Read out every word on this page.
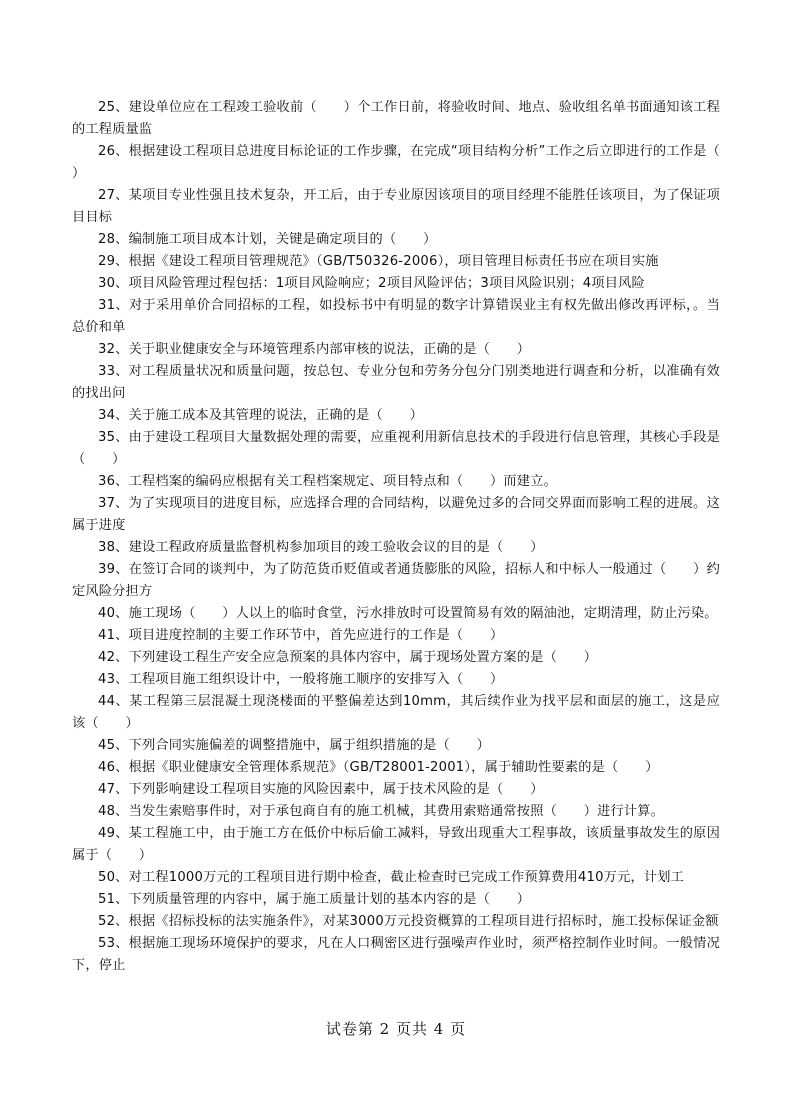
25、建设单位应在工程竣工验收前（　　）个工作日前，将验收时间、地点、验收组名单书面通知该工程的工程质量监
26、根据建设工程项目总进度目标论证的工作步骤，在完成“项目结构分析”工作之后立即进行的工作是（　　）
27、某项目专业性强且技术复杂，开工后，由于专业原因该项目的项目经理不能胜任该项目，为了保证项目目标
28、编制施工项目成本计划，关键是确定项目的（　　）
29、根据《建设工程项目管理规范》（GB/T50326-2006），项目管理目标责任书应在项目实施
30、项目风险管理过程包括：1项目风险响应；2项目风险评估；3项目风险识别；4项目风险
31、对于采用单价合同招标的工程，如投标书中有明显的数字计算错误业主有权先做出修改再评标，。当总价和单
32、关于职业健康安全与环境管理系内部审核的说法，正确的是（　　）
33、对工程质量状况和质量问题，按总包、专业分包和劳务分包分门别类地进行调查和分析，以准确有效的找出问
34、关于施工成本及其管理的说法，正确的是（　　）
35、由于建设工程项目大量数据处理的需要，应重视利用新信息技术的手段进行信息管理，其核心手段是（　　）
36、工程档案的编码应根据有关工程档案规定、项目特点和（　　）而建立。
37、为了实现项目的进度目标，应选择合理的合同结构，以避免过多的合同交界面而影响工程的进展。这属于进度
38、建设工程政府质量监督机构参加项目的竣工验收会议的目的是（　　）
39、在签订合同的谈判中，为了防范货币贬值或者通货膨胀的风险，招标人和中标人一般通过（　　）约定风险分担方
40、施工现场（　　）人以上的临时食堂，污水排放时可设置简易有效的隔油池，定期清理，防止污染。
41、项目进度控制的主要工作环节中，首先应进行的工作是（　　）
42、下列建设工程生产安全应急预案的具体内容中，属于现场处置方案的是（　　）
43、工程项目施工组织设计中，一般将施工顺序的安排写入（　　）
44、某工程第三层混凝土现浇楼面的平整偏差达到10mm，其后续作业为找平层和面层的施工，这是应该（　　）
45、下列合同实施偏差的调整措施中，属于组织措施的是（　　）
46、根据《职业健康安全管理体系规范》（GB/T28001-2001），属于辅助性要素的是（　　）
47、下列影响建设工程项目实施的风险因素中，属于技术风险的是（　　）
48、当发生索赔事件时，对于承包商自有的施工机械，其费用索赔通常按照（　　）进行计算。
49、某工程施工中，由于施工方在低价中标后偷工减料，导致出现重大工程事故，该质量事故发生的原因属于（　　）
50、对工程1000万元的工程项目进行期中检查，截止检查时已完成工作预算费用410万元，计划工
51、下列质量管理的内容中，属于施工质量计划的基本内容的是（　　）
52、根据《招标投标的法实施条件》，对某3000万元投资概算的工程项目进行招标时，施工投标保证金额
53、根据施工现场环境保护的要求，凡在人口稠密区进行强噪声作业时，须严格控制作业时间。一般情况下，停止
试卷第 2 页共 4 页
